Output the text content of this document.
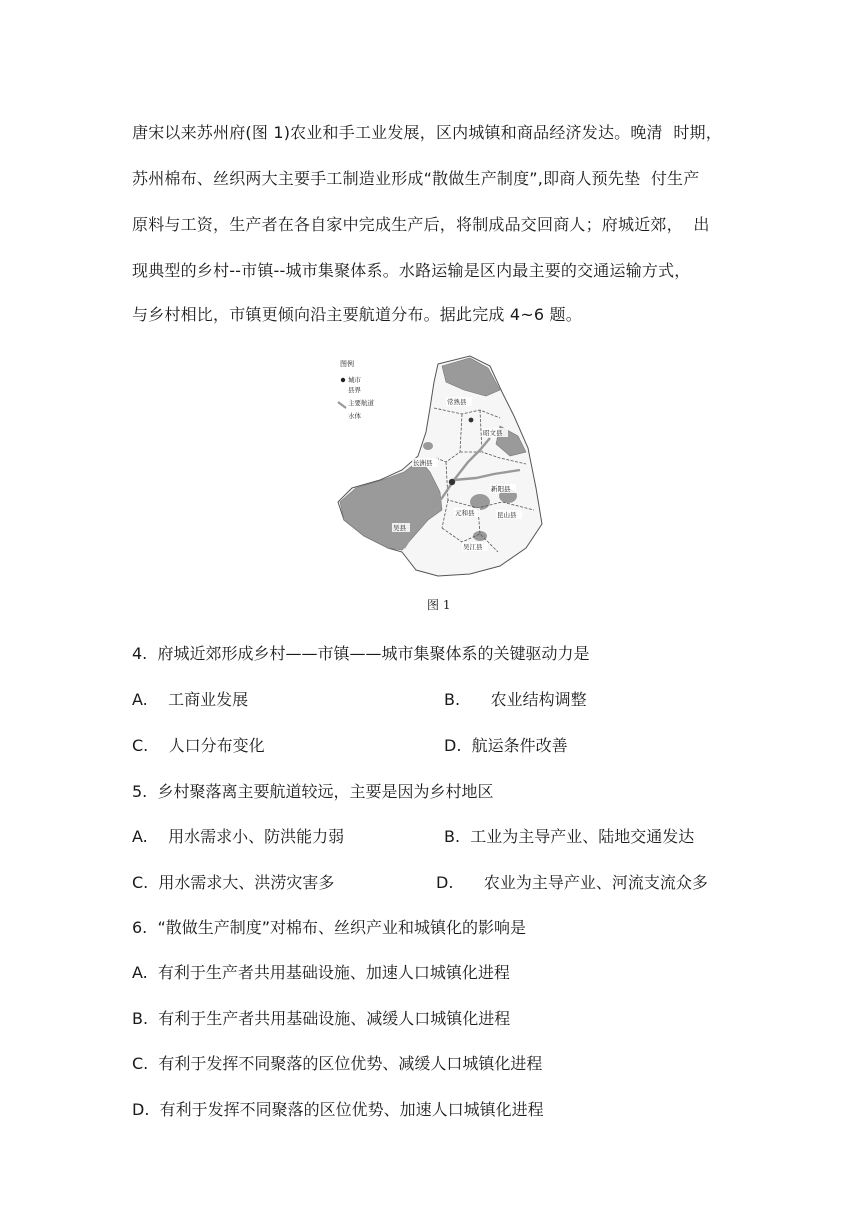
唐宋以来苏州府(图 1)农业和手工业发展，区内城镇和商品经济发达。晚清  时期，
苏州棉布、丝织两大主要手工制造业形成“散做生产制度”,即商人预先垫  付生产
原料与工资，生产者在各自家中完成生产后，将制成品交回商人；府城近郊，  出
现典型的乡村--市镇--城市集聚体系。水路运输是区内最主要的交通运输方式，
与乡村相比，市镇更倾向沿主要航道分布。据此完成 4~6 题。
图例
城市
县界
主要航道
水体
常熟县
昭文县
长洲县
新阳县
元和县	昆山县
吴县
吴江县
图 1
4.  府城近郊形成乡村——市镇——城市集聚体系的关键驱动力是
A.    工商业发展	B.      农业结构调整
C.    人口分布变化	D.  航运条件改善
5.  乡村聚落离主要航道较远，主要是因为乡村地区
A.    用水需求小、防洪能力弱	B.  工业为主导产业、陆地交通发达
C.  用水需求大、洪涝灾害多	D.      农业为主导产业、河流支流众多
6.  “散做生产制度”对棉布、丝织产业和城镇化的影响是
A.  有利于生产者共用基础设施、加速人口城镇化进程
B.  有利于生产者共用基础设施、减缓人口城镇化进程
C.  有利于发挥不同聚落的区位优势、减缓人口城镇化进程
D.  有利于发挥不同聚落的区位优势、加速人口城镇化进程
